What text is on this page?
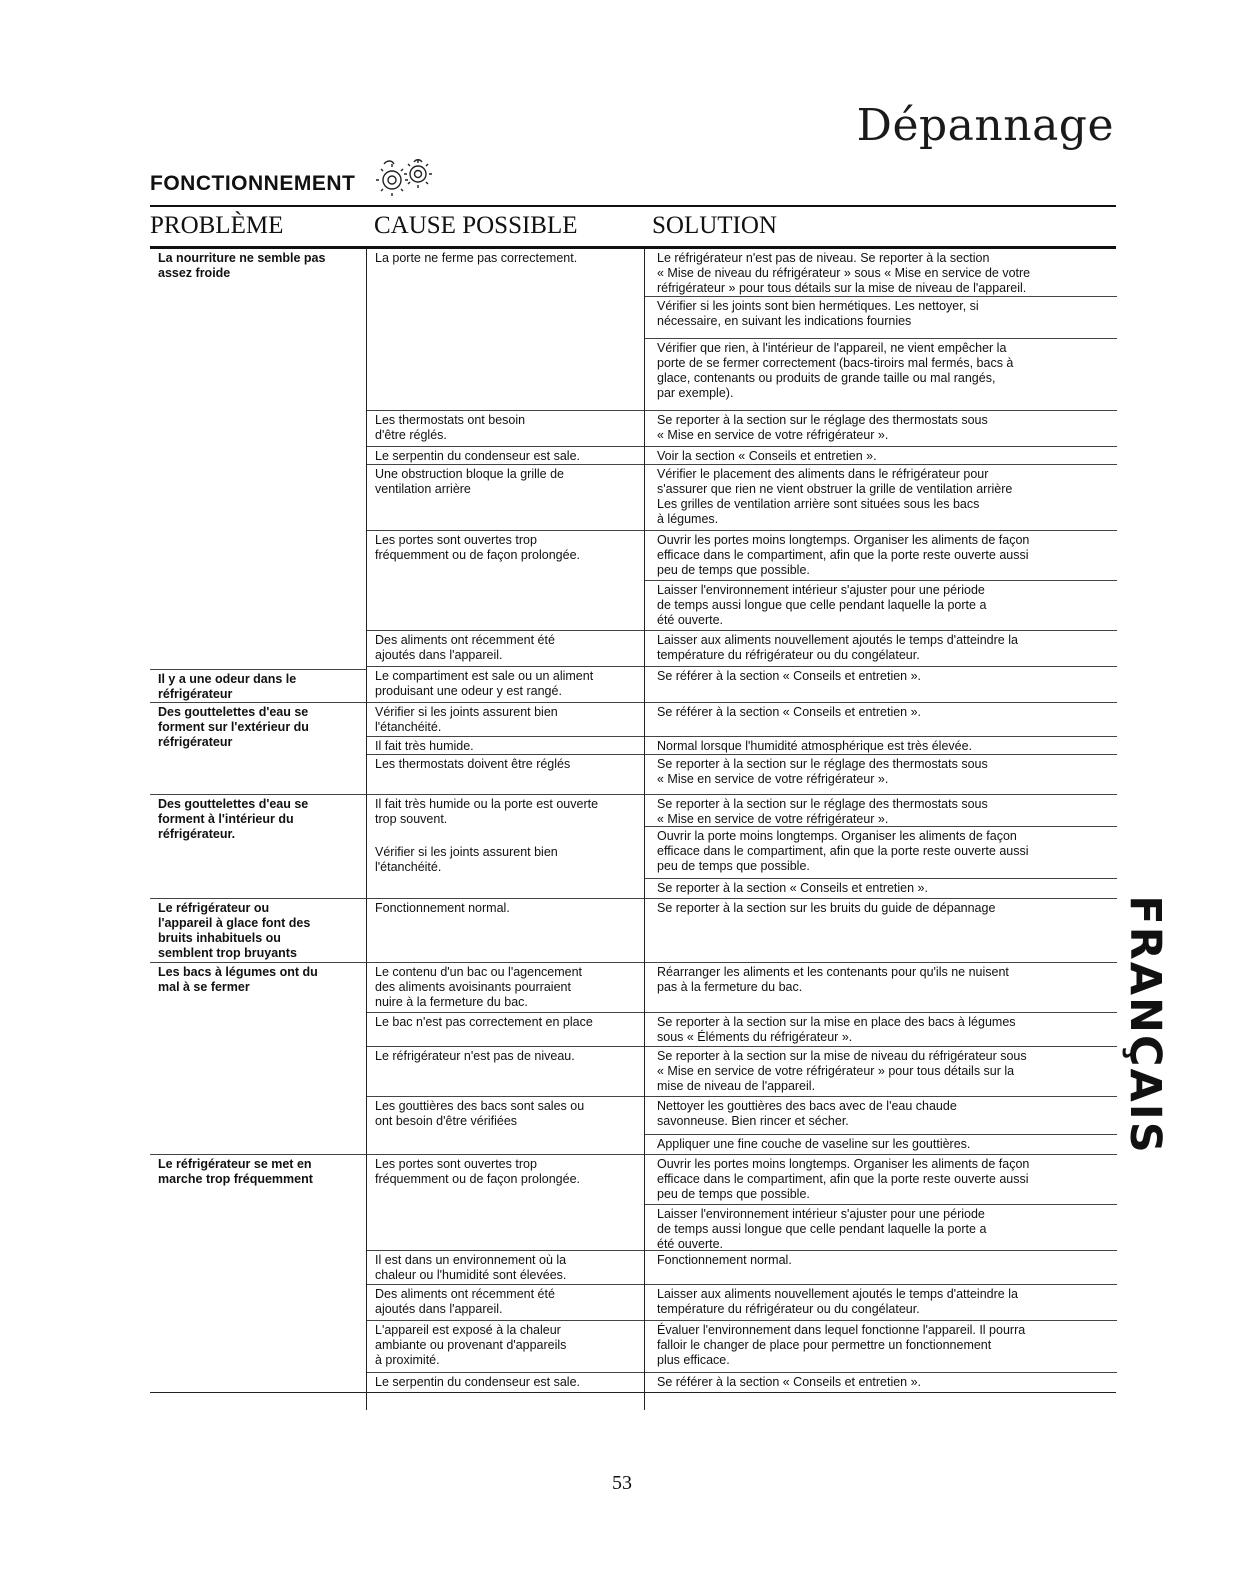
Dépannage
FONCTIONNEMENT
PROBLÈME	CAUSE POSSIBLE	SOLUTION
La nourriture ne semble pas
assez froide
Il y a une odeur dans le
réfrigérateur
Des gouttelettes d'eau se
forment sur l'extérieur du
réfrigérateur
Des gouttelettes d'eau se
forment à l'intérieur du
réfrigérateur.
Le réfrigérateur ou
l'appareil à glace font des
bruits inhabituels ou
semblent trop bruyants
Les bacs à légumes ont du
mal à se fermer
Le réfrigérateur se met en
marche trop fréquemment
La porte ne ferme pas correctement.
Les thermostats ont besoin
d'être réglés.
Le serpentin du condenseur est sale.
Une obstruction bloque la grille de
ventilation arrière
Les portes sont ouvertes trop
fréquemment ou de façon prolongée.
Des aliments ont récemment été
ajoutés dans l'appareil.
Le compartiment est sale ou un aliment
produisant une odeur y est rangé.
Vérifier si les joints assurent bien
l'étanchéité.
Il fait très humide.
Les thermostats doivent être réglés
Il fait très humide ou la porte est ouverte
trop souvent.
Vérifier si les joints assurent bien
l'étanchéité.
Fonctionnement normal.
Le contenu d'un bac ou l'agencement
des aliments avoisinants pourraient
nuire à la fermeture du bac.
Le bac n'est pas correctement en place
Le réfrigérateur n'est pas de niveau.
Les gouttières des bacs sont sales ou
ont besoin d'être vérifiées
Les portes sont ouvertes trop
fréquemment ou de façon prolongée.
Il est dans un environnement où la
chaleur ou l'humidité sont élevées.
Des aliments ont récemment été
ajoutés dans l'appareil.
L'appareil est exposé à la chaleur
ambiante ou provenant d'appareils
à proximité.
Le serpentin du condenseur est sale.
Le réfrigérateur n'est pas de niveau. Se reporter à la section
« Mise de niveau du réfrigérateur » sous « Mise en service de votre
réfrigérateur » pour tous détails sur la mise de niveau de l'appareil.
Vérifier si les joints sont bien hermétiques. Les nettoyer, si
nécessaire, en suivant les indications fournies
Vérifier que rien, à l'intérieur de l'appareil, ne vient empêcher la
porte de se fermer correctement (bacs-tiroirs mal fermés, bacs à
glace, contenants ou produits de grande taille ou mal rangés,
par exemple).
Se reporter à la section sur le réglage des thermostats sous
« Mise en service de votre réfrigérateur ».
Voir la section « Conseils et entretien ».
Vérifier le placement des aliments dans le réfrigérateur pour
s'assurer que rien ne vient obstruer la grille de ventilation arrière
Les grilles de ventilation arrière sont situées sous les bacs
à légumes.
Ouvrir les portes moins longtemps. Organiser les aliments de façon
efficace dans le compartiment, afin que la porte reste ouverte aussi
peu de temps que possible.
Laisser l'environnement intérieur s'ajuster pour une période
de temps aussi longue que celle pendant laquelle la porte a
été ouverte.
Laisser aux aliments nouvellement ajoutés le temps d'atteindre la
température du réfrigérateur ou du congélateur.
Se référer à la section « Conseils et entretien ».
Se référer à la section « Conseils et entretien ».
Normal lorsque l'humidité atmosphérique est très élevée.
Se reporter à la section sur le réglage des thermostats sous
« Mise en service de votre réfrigérateur ».
Se reporter à la section sur le réglage des thermostats sous
« Mise en service de votre réfrigérateur ».
Ouvrir la porte moins longtemps. Organiser les aliments de façon
efficace dans le compartiment, afin que la porte reste ouverte aussi
peu de temps que possible.
Se reporter à la section « Conseils et entretien ».
Se reporter à la section sur les bruits du guide de dépannage
Réarranger les aliments et les contenants pour qu'ils ne nuisent
pas à la fermeture du bac.
Se reporter à la section sur la mise en place des bacs à légumes
sous « Éléments du réfrigérateur ».
Se reporter à la section sur la mise de niveau du réfrigérateur sous
« Mise en service de votre réfrigérateur » pour tous détails sur la
mise de niveau de l'appareil.
Nettoyer les gouttières des bacs avec de l'eau chaude
savonneuse. Bien rincer et sécher.
Appliquer une fine couche de vaseline sur les gouttières.
Ouvrir les portes moins longtemps. Organiser les aliments de façon
efficace dans le compartiment, afin que la porte reste ouverte aussi
peu de temps que possible.
Laisser l'environnement intérieur s'ajuster pour une période
de temps aussi longue que celle pendant laquelle la porte a
été ouverte.
Fonctionnement normal.
Laisser aux aliments nouvellement ajoutés le temps d'atteindre la
température du réfrigérateur ou du congélateur.
Évaluer l'environnement dans lequel fonctionne l'appareil. Il pourra
falloir le changer de place pour permettre un fonctionnement
plus efficace.
Se référer à la section « Conseils et entretien ».
FRANÇAIS
53
